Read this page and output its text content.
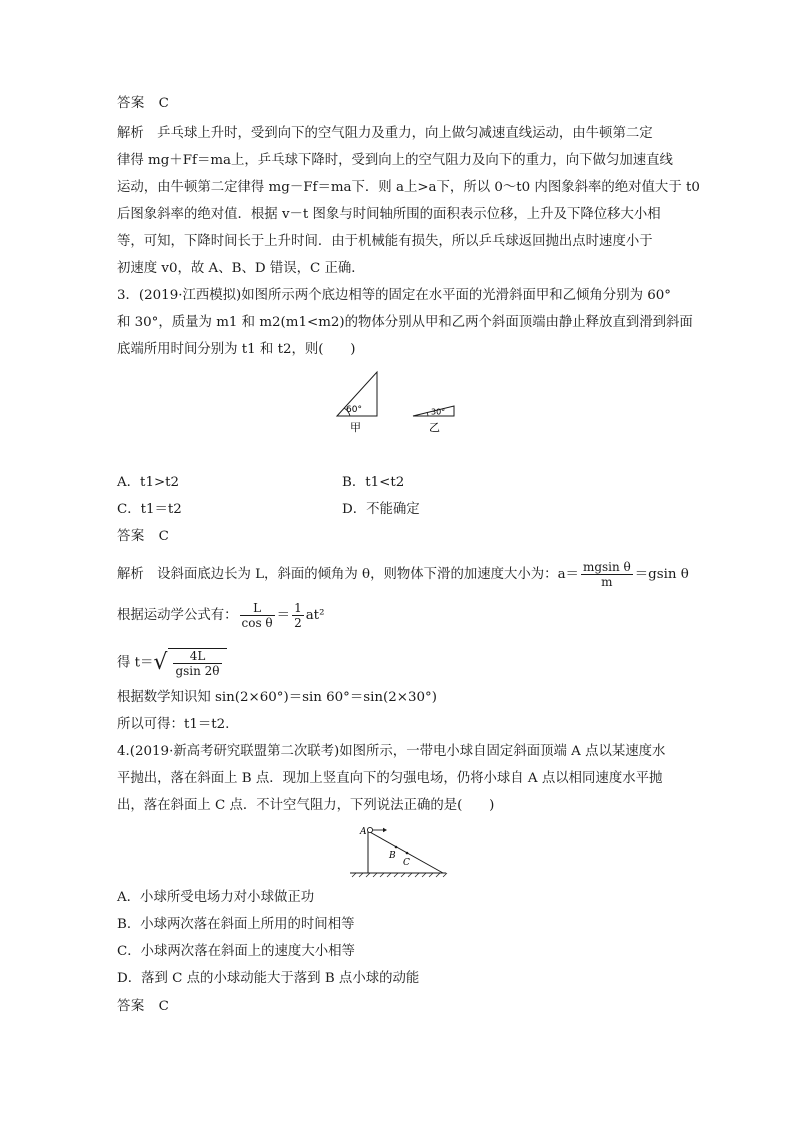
答案　C
解析　乒乓球上升时，受到向下的空气阻力及重力，向上做匀减速直线运动，由牛顿第二定
律得 mg＋Ff＝ma上，乒乓球下降时，受到向上的空气阻力及向下的重力，向下做匀加速直线
运动，由牛顿第二定律得 mg－Ff＝ma下．则 a上>a下，所以 0～t0 内图象斜率的绝对值大于 t0
后图象斜率的绝对值．根据 v－t 图象与时间轴所围的面积表示位移，上升及下降位移大小相
等，可知，下降时间长于上升时间．由于机械能有损失，所以乒乓球返回抛出点时速度小于
初速度 v0，故 A、B、D 错误，C 正确．
3．(2019·江西模拟)如图所示两个底边相等的固定在水平面的光滑斜面甲和乙倾角分别为 60°
和 30°，质量为 m1 和 m2(m1<m2)的物体分别从甲和乙两个斜面顶端由静止释放直到滑到斜面
底端所用时间分别为 t1 和 t2，则(　　)
60°
甲
30°
乙
A．t1>t2	B．t1<t2
C．t1＝t2	D．不能确定
答案　C
解析　设斜面底边长为 L，斜面的倾角为 θ，则物体下滑的加速度大小为：$a= \frac{\text{mgsin θ}}{m} =gsin$ θ
根据运动学公式有： $\frac{L}{\text{cos θ}} = \frac{1}{2} at^2$
得 $t=√ \frac{4L}{gsin 2\theta}$
根据数学知识知 sin(2×60°)＝sin 60°＝sin(2×30°)
所以可得：t1＝t2.
4.(2019·新高考研究联盟第二次联考)如图所示，一带电小球自固定斜面顶端 A 点以某速度水
平抛出，落在斜面上 B 点．现加上竖直向下的匀强电场，仍将小球自 A 点以相同速度水平抛
出，落在斜面上 C 点．不计空气阻力，下列说法正确的是(　　)
A
B
C
A．小球所受电场力对小球做正功
B．小球两次落在斜面上所用的时间相等
C．小球两次落在斜面上的速度大小相等
D．落到 C 点的小球动能大于落到 B 点小球的动能
答案　C
